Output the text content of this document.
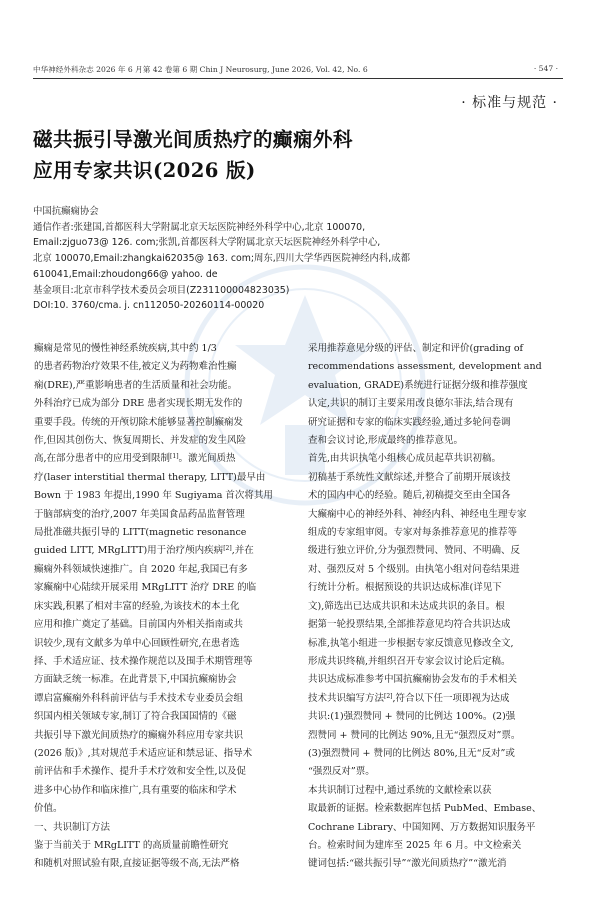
中华神经外科杂志 2026 年 6 月第 42 卷第 6 期 Chin J Neurosurg, June 2026, Vol. 42, No. 6	· 547 ·
· 标准与规范 ·
磁共振引导激光间质热疗的癫痫外科
应用专家共识(2026 版)
中国抗癫痫协会
通信作者:张建国,首都医科大学附属北京天坛医院神经外科学中心,北京 100070,
Email:zjguo73@ 126. com;张凯,首都医科大学附属北京天坛医院神经外科学中心,
北京 100070,Email:zhangkai62035@ 163. com;周东,四川大学华西医院神经内科,成都
610041,Email:zhoudong66@ yahoo. de
基金项目:北京市科学技术委员会项目(Z231100004823035)
DOI:10. 3760/cma. j. cn112050-20260114-00020
癫痫是常见的慢性神经系统疾病,其中约 1/3
的患者药物治疗效果不佳,被定义为药物难治性癫
痫(DRE),严重影响患者的生活质量和社会功能。
外科治疗已成为部分 DRE 患者实现长期无发作的
重要手段。传统的开颅切除术能够显著控制癫痫发
作,但因其创伤大、恢复周期长、并发症的发生风险
高,在部分患者中的应用受到限制[1]。激光间质热
疗(laser interstitial thermal therapy, LITT)最早由
Bown 于 1983 年提出,1990 年 Sugiyama 首次将其用
于脑部病变的治疗,2007 年美国食品药品监督管理
局批准磁共振引导的 LITT(magnetic resonance
guided LITT, MRgLITT)用于治疗颅内疾病[2],并在
癫痫外科领域快速推广。自 2020 年起,我国已有多
家癫痫中心陆续开展采用 MRgLITT 治疗 DRE 的临
床实践,积累了相对丰富的经验,为该技术的本土化
应用和推广奠定了基础。目前国内外相关指南或共
识较少,现有文献多为单中心回顾性研究,在患者选
择、手术适应证、技术操作规范以及围手术期管理等
方面缺乏统一标准。在此背景下,中国抗癫痫协会
谭启富癫痫外科科前评估与手术技术专业委员会组
织国内相关领域专家,制订了符合我国国情的《磁
共振引导下激光间质热疗的癫痫外科应用专家共识
(2026 版)》,其对规范手术适应证和禁忌证、指导术
前评估和手术操作、提升手术疗效和安全性,以及促
进多中心协作和临床推广,具有重要的临床和学术
价值。
一、共识制订方法
鉴于当前关于 MRgLITT 的高质量前瞻性研究
和随机对照试验有限,直接证据等级不高,无法严格
采用推荐意见分级的评估、制定和评价(grading of
recommendations assessment, development and
evaluation, GRADE)系统进行证据分级和推荐强度
认定,共识的制订主要采用改良德尔菲法,结合现有
研究证据和专家的临床实践经验,通过多轮问卷调
查和会议讨论,形成最终的推荐意见。
首先,由共识执笔小组核心成员起草共识初稿。
初稿基于系统性文献综述,并整合了前期开展该技
术的国内中心的经验。随后,初稿提交至由全国各
大癫痫中心的神经外科、神经内科、神经电生理专家
组成的专家组审阅。专家对每条推荐意见的推荐等
级进行独立评价,分为强烈赞同、赞同、不明确、反
对、强烈反对 5 个级别。由执笔小组对问卷结果进
行统计分析。根据预设的共识达成标准(详见下
文),筛选出已达成共识和未达成共识的条目。根
据第一轮投票结果,全部推荐意见均符合共识达成
标准,执笔小组进一步根据专家反馈意见修改全文,
形成共识终稿,并组织召开专家会议讨论后定稿。
共识达成标准参考中国抗癫痫协会发布的手术相关
技术共识编写方法[2],符合以下任一项即视为达成
共识:(1)强烈赞同 + 赞同的比例达 100%。(2)强
烈赞同 + 赞同的比例达 90%,且无“强烈反对”票。
(3)强烈赞同 + 赞同的比例达 80%,且无“反对”或
“强烈反对”票。
本共识制订过程中,通过系统的文献检索以获
取最新的证据。检索数据库包括 PubMed、Embase、
Cochrane Library、中国知网、万方数据知识服务平
台。检索时间为建库至 2025 年 6 月。中文检索关
键词包括:“磁共振引导”“激光间质热疗”“激光消
